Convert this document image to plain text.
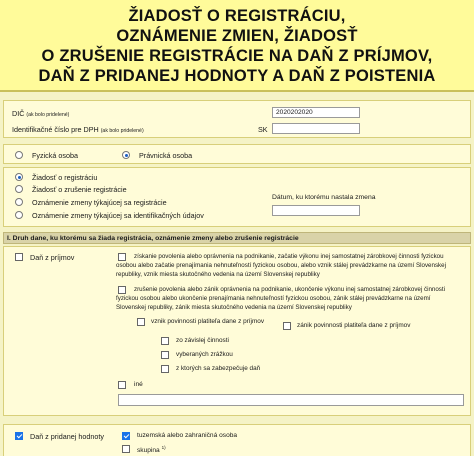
ŽIADOSŤ O REGISTRÁCIU,
OZNÁMENIE ZMIEN, ŽIADOSŤ
O ZRUŠENIE REGISTRÁCIE NA DAŇ Z PRÍJMOV,
DAŇ Z PRIDANEJ HODNOTY A DAŇ Z POISTENIA
DIČ (ak bolo pridelené)	2020202020
Identifikačné číslo pre DPH (ak bolo pridelené)	SK
Fyzická osoba	Právnická osoba
Žiadosť o registráciu
Žiadosť o zrušenie registrácie
Oznámenie zmeny týkajúcej sa registrácie
Oznámenie zmeny týkajúcej sa identifikačných údajov
Dátum, ku ktorému nastala zmena
I. Druh dane, ku ktorému sa žiada registrácia, oznámenie zmeny alebo zrušenie registrácie
Daň z príjmov	získanie povolenia alebo oprávnenia na podnikanie, začatie výkonu inej samostatnej zárobkovej činnosti fyzickou
osobou alebo začatie prenajímania nehnuteľností fyzickou osobou, alebo vznik stálej prevádzkarne na území Slovenskej
republiky, vznik miesta skutočného vedenia na území Slovenskej republiky
zrušenie povolenia alebo zánik oprávnenia na podnikanie, ukončenie výkonu inej samostatnej zárobkovej činnosti
fyzickou osobou alebo ukončenie prenajímania nehnuteľností fyzickou osobou, zánik stálej prevádzkarne na území
Slovenskej republiky, zánik miesta skutočného vedenia na území Slovenskej republiky
vznik povinnosti platiteľa dane z príjmov
zánik povinnosti platiteľa dane z príjmov
zo závislej činnosti
vyberaných zrážkou
z ktorých sa zabezpečuje daň
iné
Daň z pridanej hodnoty	tuzemská alebo zahraničná osoba
skupina $^{1)}$
